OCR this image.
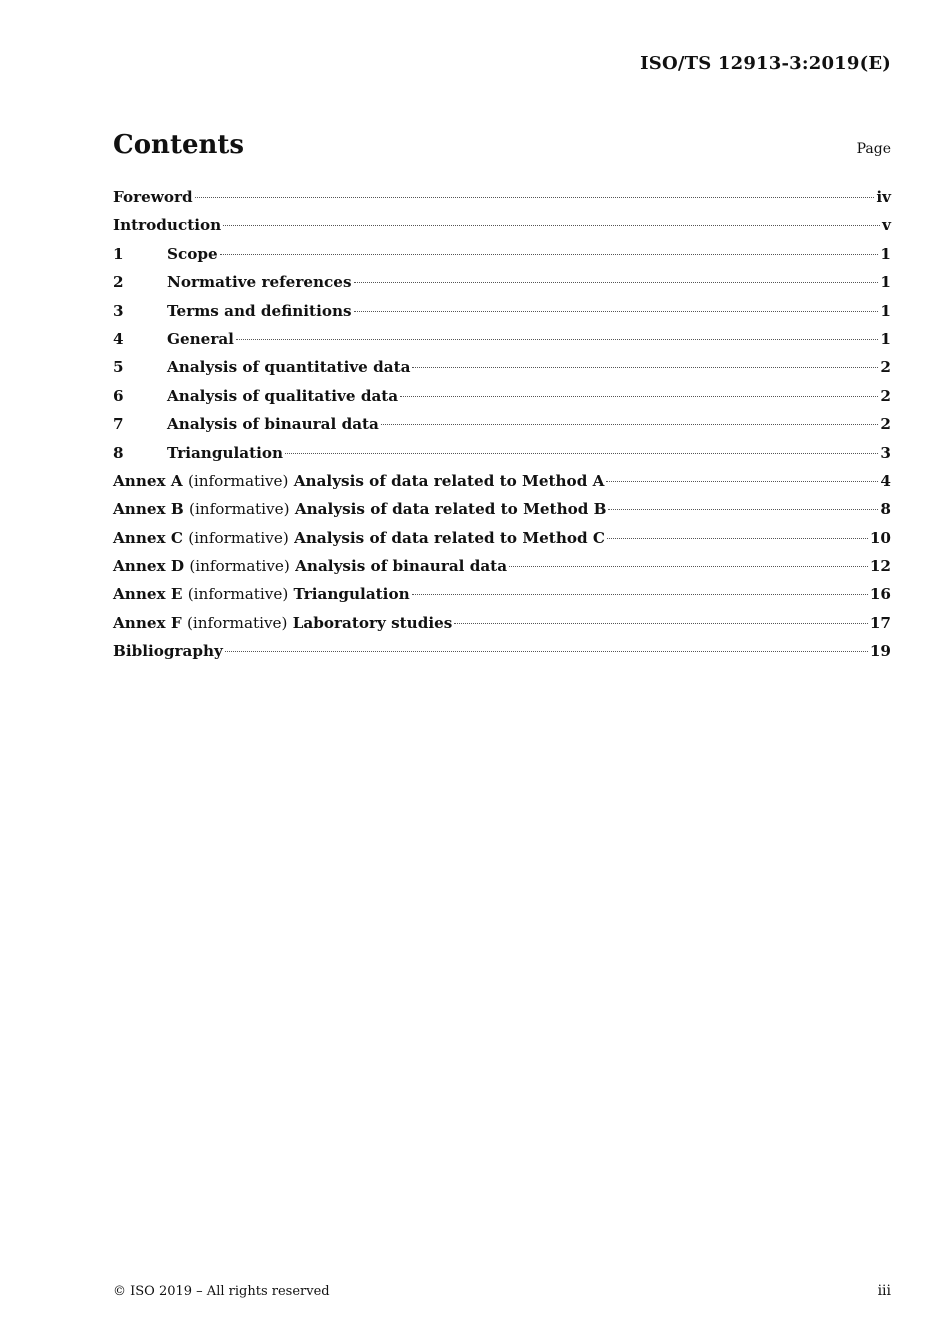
ISO/TS 12913-3:2019(E)
Contents	Page
Foreword	iv
Introduction	v
1	Scope	1
2	Normative references	1
3	Terms and definitions	1
4	General	1
5	Analysis of quantitative data	2
6	Analysis of qualitative data	2
7	Analysis of binaural data	2
8	Triangulation	3
Annex A (informative) Analysis of data related to Method A	4
Annex B (informative) Analysis of data related to Method B	8
Annex C (informative) Analysis of data related to Method C	10
Annex D (informative) Analysis of binaural data	12
Annex E (informative) Triangulation	16
Annex F (informative) Laboratory studies	17
Bibliography	19
© ISO 2019 – All rights reserved	iii
